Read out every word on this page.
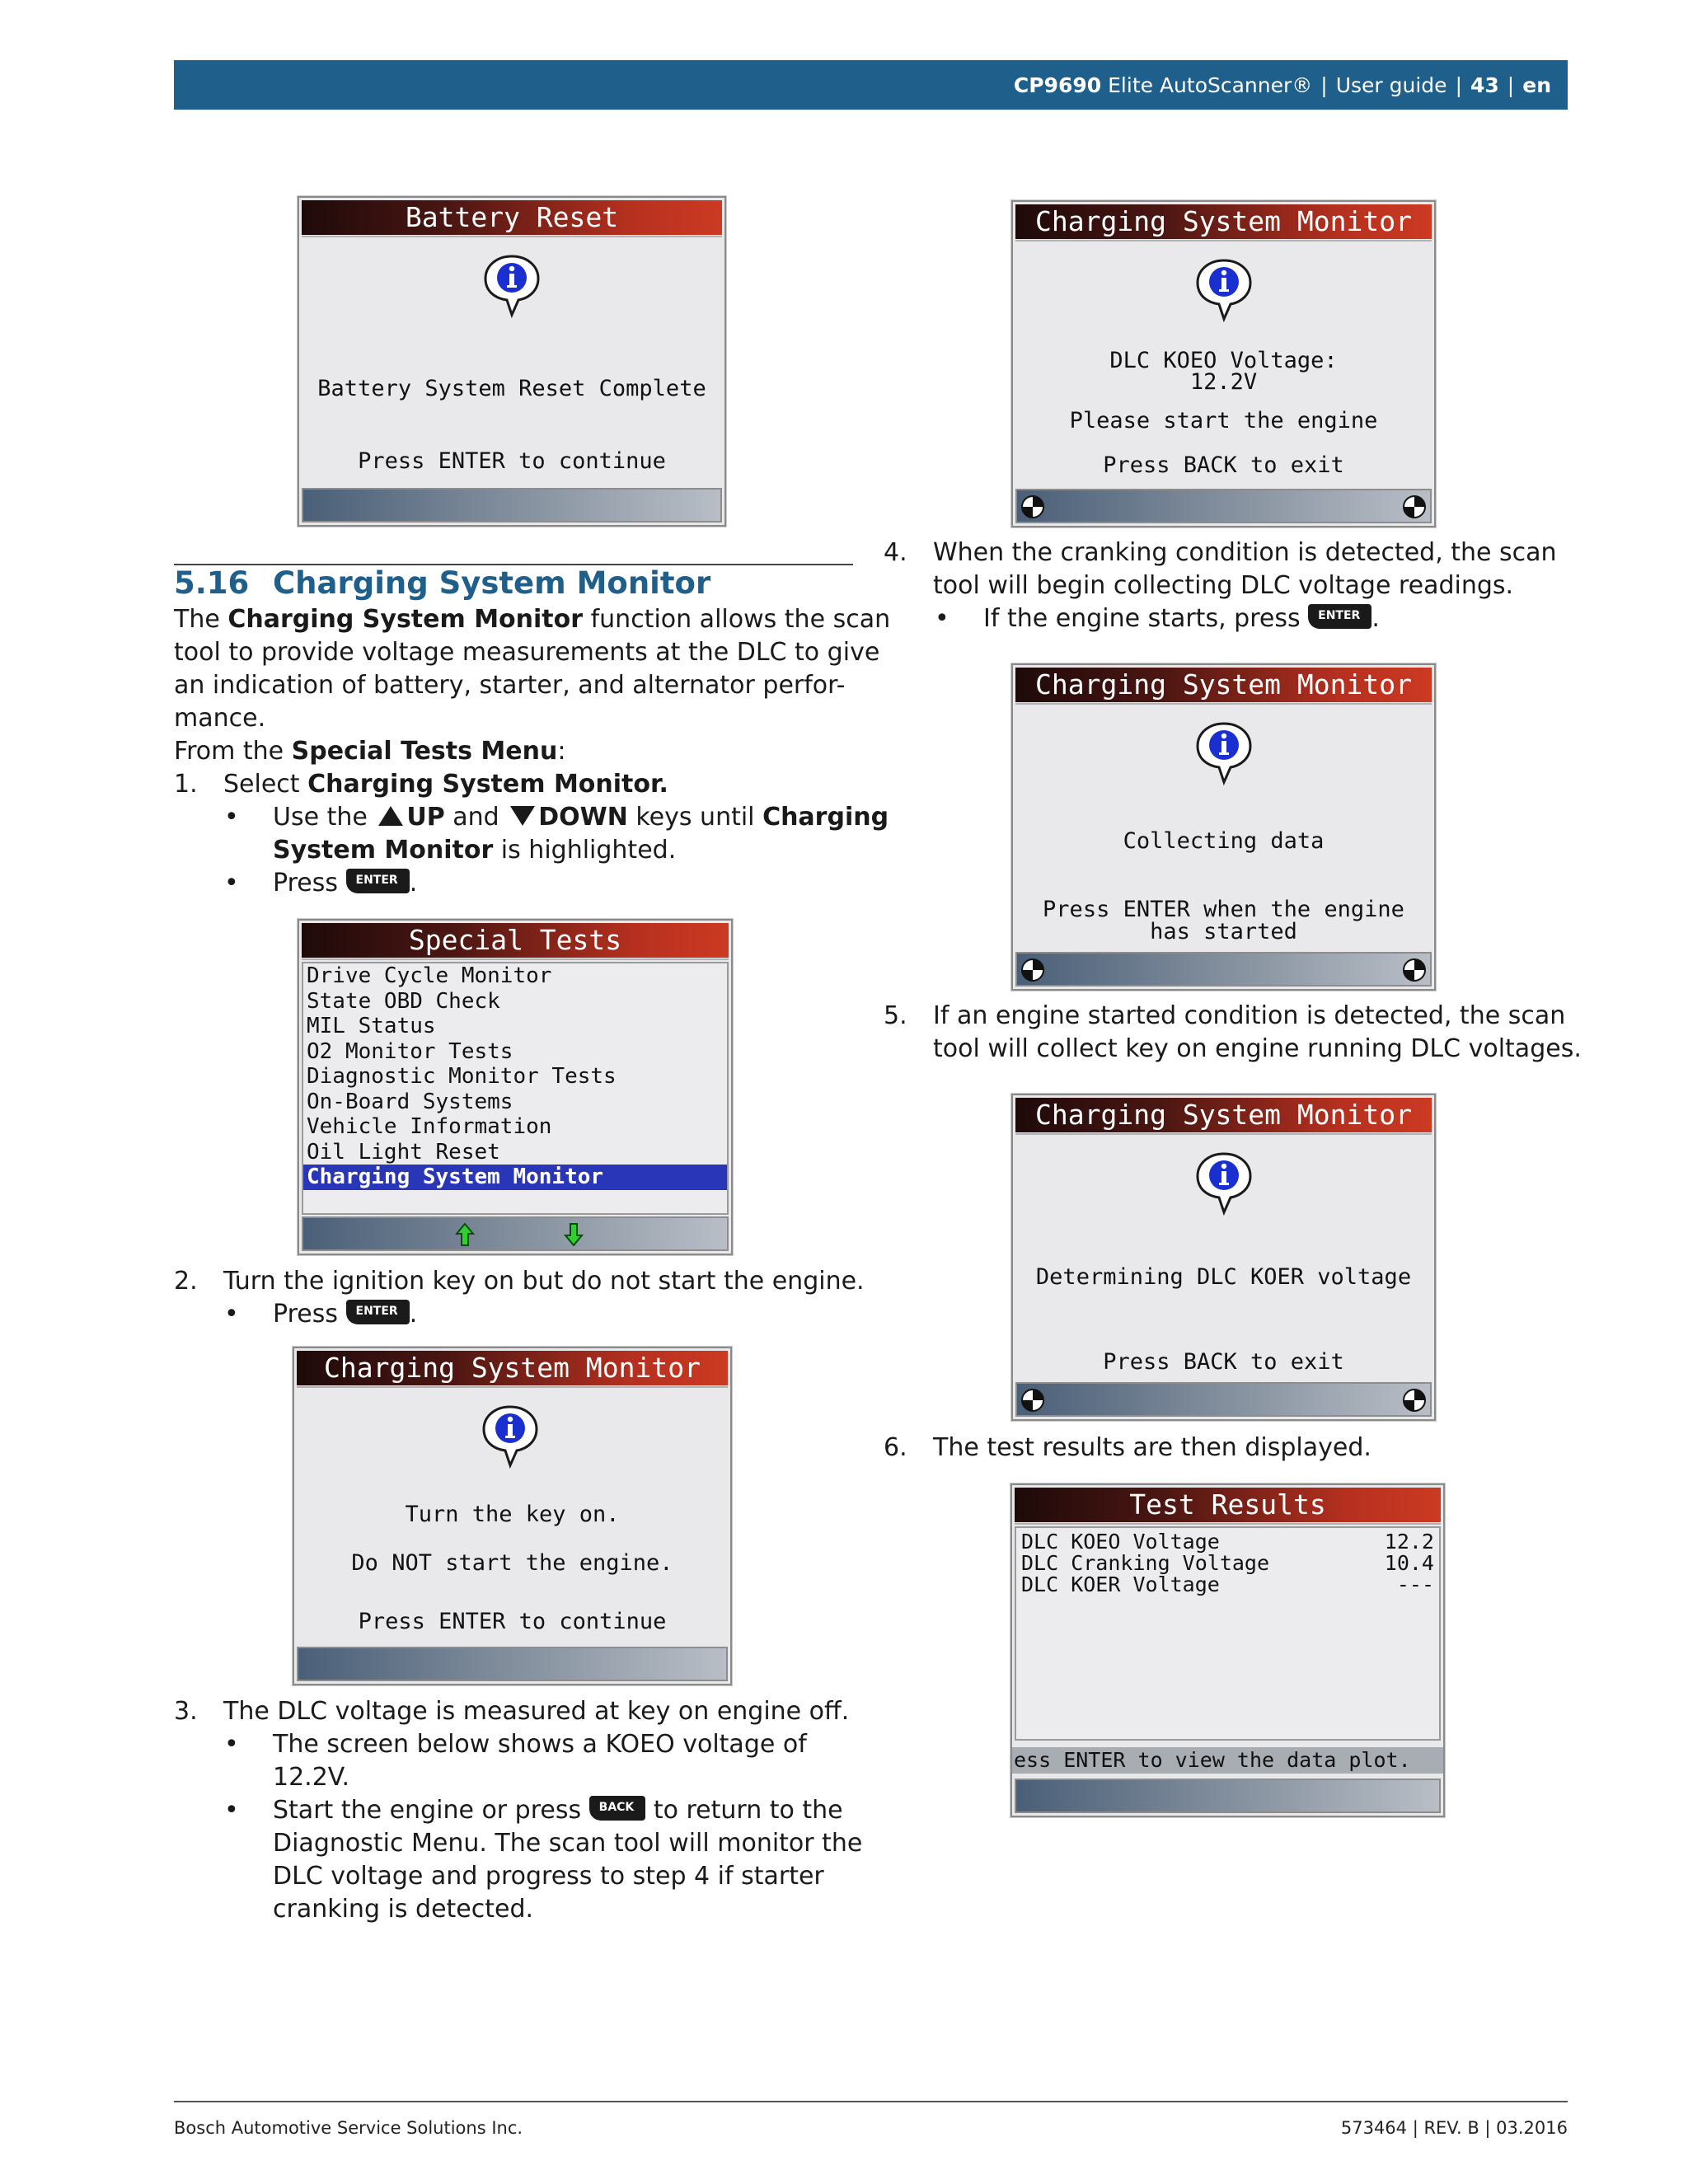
CP9690
Elite AutoScanner® | User guide | 43 | en
Battery Reset
Battery System Reset Complete
Press ENTER to continue
5.16 Charging System Monitor
The Charging System Monitor function allows the scan
tool to provide voltage measurements at the DLC to give
an indication of battery, starter, and alternator perfor-
mance.
From the Special Tests Menu:
1. Select Charging System Monitor.
• Use the UP and DOWN keys until Charging
System Monitor is highlighted.
• Press ENTER .
Special Tests
Drive Cycle Monitor
State OBD Check
MIL Status
O2 Monitor Tests
Diagnostic Monitor Tests
On-Board Systems
Vehicle Information
Oil Light Reset
Charging System Monitor
2. Turn the ignition key on but do not start the engine.
• Press ENTER .
Charging System Monitor
Turn the key on.
Do NOT start the engine.
Press ENTER to continue
3. The DLC voltage is measured at key on engine off.
• The screen below shows a KOEO voltage of
12.2V.
• Start the engine or press BACK to return to the
Diagnostic Menu. The scan tool will monitor the
DLC voltage and progress to step 4 if starter
cranking is detected.
Charging System Monitor
DLC KOEO Voltage:
12.2V
Please start the engine
Press BACK to exit
4. When the cranking condition is detected, the scan
tool will begin collecting DLC voltage readings.
• If the engine starts, press ENTER .
Charging System Monitor
Collecting data
Press ENTER when the engine
has started
5. If an engine started condition is detected, the scan
tool will collect key on engine running DLC voltages.
Charging System Monitor
Determining DLC KOER voltage
Press BACK to exit
6. The test results are then displayed.
Test Results
DLC KOEO Voltage	12.2
DLC Cranking Voltage	10.4
DLC KOER Voltage	---
ess ENTER to view the data plot.
Bosch Automotive Service Solutions Inc.	573464 | REV. B | 03.2016
